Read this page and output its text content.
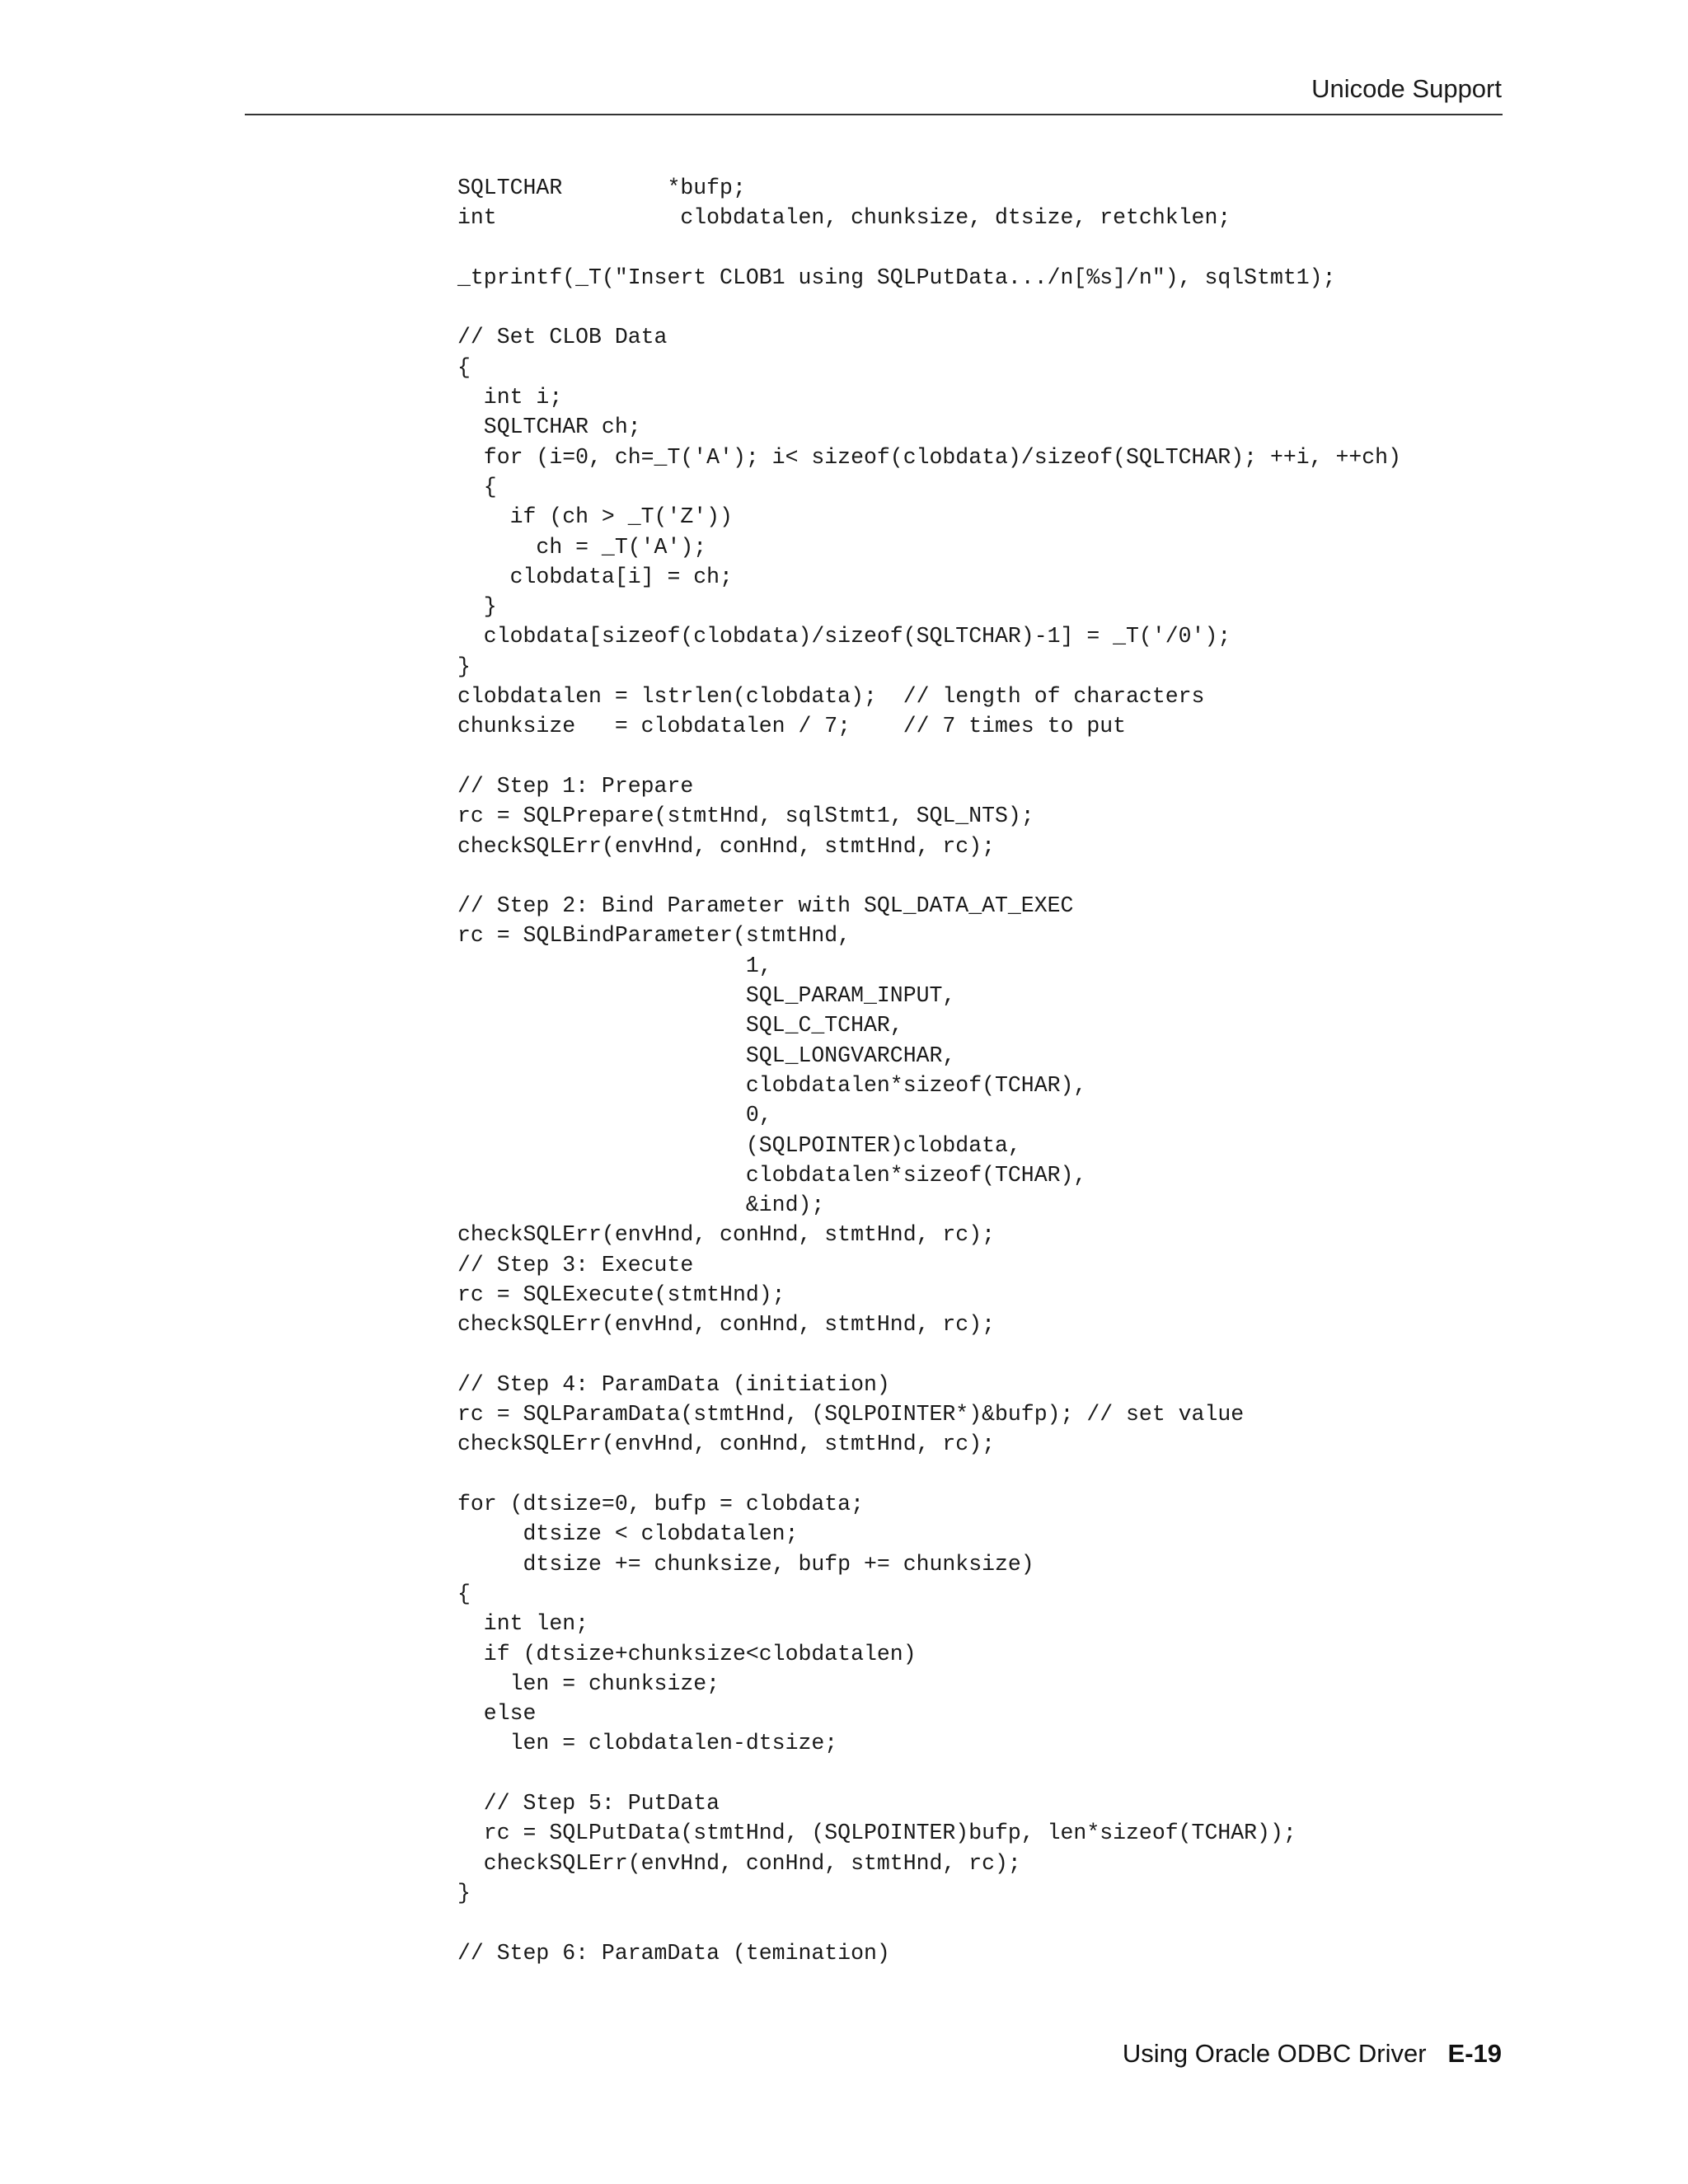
Unicode Support
SQLTCHAR        *bufp;
int              clobdatalen, chunksize, dtsize, retchklen;
_tprintf(_T("Insert CLOB1 using SQLPutData.../n[%s]/n"), sqlStmt1);
// Set CLOB Data
{
int i;
SQLTCHAR ch;
for (i=0, ch=_T('A'); i< sizeof(clobdata)/sizeof(SQLTCHAR); ++i, ++ch)
{
if (ch > _T('Z'))
ch = _T('A');
clobdata[i] = ch;
}
clobdata[sizeof(clobdata)/sizeof(SQLTCHAR)-1] = _T('/0');
}
clobdatalen = lstrlen(clobdata);  // length of characters
chunksize   = clobdatalen / 7;    // 7 times to put
// Step 1: Prepare
rc = SQLPrepare(stmtHnd, sqlStmt1, SQL_NTS);
checkSQLErr(envHnd, conHnd, stmtHnd, rc);
// Step 2: Bind Parameter with SQL_DATA_AT_EXEC
rc = SQLBindParameter(stmtHnd,
1,
SQL_PARAM_INPUT,
SQL_C_TCHAR,
SQL_LONGVARCHAR,
clobdatalen*sizeof(TCHAR),
0,
(SQLPOINTER)clobdata,
clobdatalen*sizeof(TCHAR),
&ind);
checkSQLErr(envHnd, conHnd, stmtHnd, rc);
// Step 3: Execute
rc = SQLExecute(stmtHnd);
checkSQLErr(envHnd, conHnd, stmtHnd, rc);
// Step 4: ParamData (initiation)
rc = SQLParamData(stmtHnd, (SQLPOINTER*)&bufp); // set value
checkSQLErr(envHnd, conHnd, stmtHnd, rc);
for (dtsize=0, bufp = clobdata;
dtsize < clobdatalen;
dtsize += chunksize, bufp += chunksize)
{
int len;
if (dtsize+chunksize<clobdatalen)
len = chunksize;
else
len = clobdatalen-dtsize;
// Step 5: PutData
rc = SQLPutData(stmtHnd, (SQLPOINTER)bufp, len*sizeof(TCHAR));
checkSQLErr(envHnd, conHnd, stmtHnd, rc);
}
// Step 6: ParamData (temination)
Using Oracle ODBC Driver E-19
